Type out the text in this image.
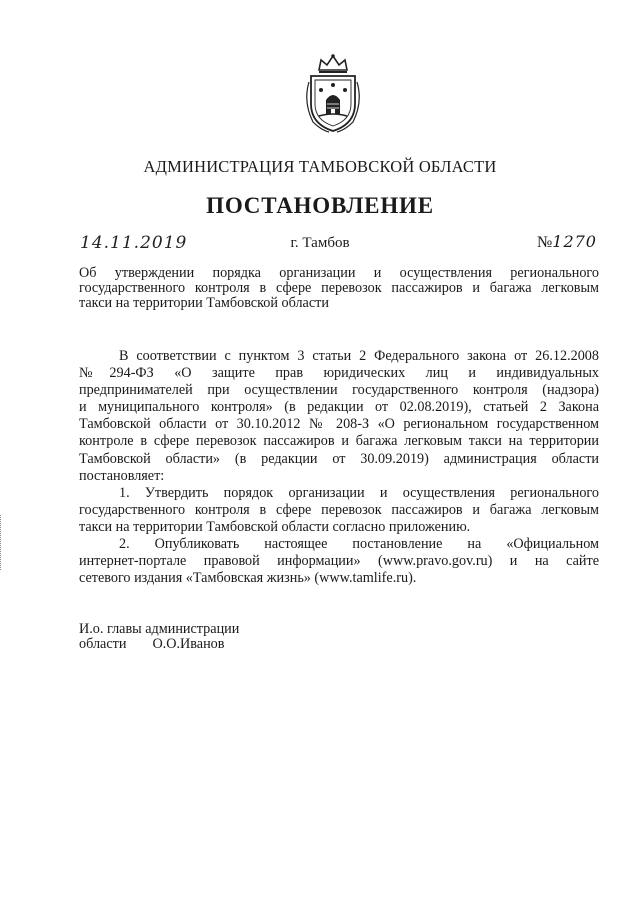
АДМИНИСТРАЦИЯ ТАМБОВСКОЙ ОБЛАСТИ
ПОСТАНОВЛЕНИЕ
14.11.2019	г. Тамбов	№1270
Об утверждении порядка организации и осуществления регионального
государственного контроля в сфере перевозок пассажиров и багажа легковым
такси на территории Тамбовской области
В соответствии с пунктом 3 статьи 2 Федерального закона от 26.12.2008
№294-ФЗ «О защите прав юридических лиц и индивидуальных
предпринимателей при осуществлении государственного контроля (надзора)
и муниципального контроля» (в редакции от 02.08.2019), статьей 2 Закона
Тамбовской области от 30.10.2012 № 208-З «О региональном государственном
контроле в сфере перевозок пассажиров и багажа легковым такси на территории
Тамбовской области» (в редакции от 30.09.2019) администрация области
постановляет:
1. Утвердить порядок организации и осуществления регионального
государственного контроля в сфере перевозок пассажиров и багажа легковым
такси на территории Тамбовской области согласно приложению.
2. Опубликовать настоящее постановление на «Официальном
интернет-портале правовой информации» (www.pravo.gov.ru) и на сайте
сетевого издания «Тамбовская жизнь» (www.tamlife.ru).
И.о. главы администрации
области О.О.Иванов
